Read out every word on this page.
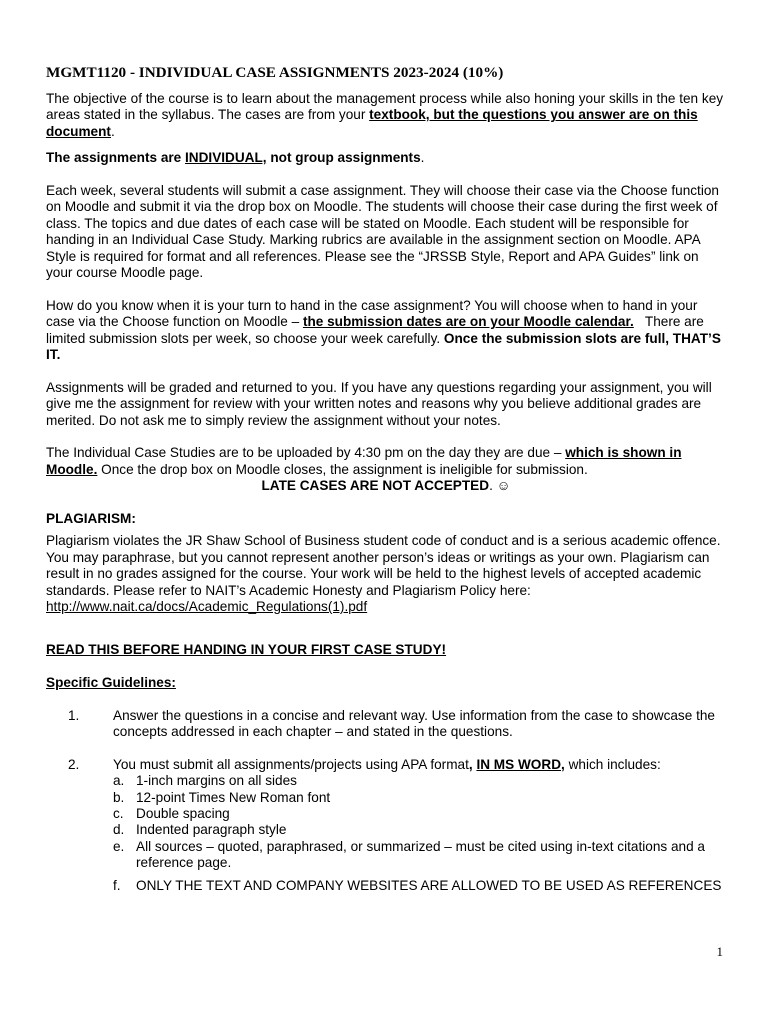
MGMT1120 - INDIVIDUAL CASE ASSIGNMENTS 2023-2024 (10%)

The objective of the course is to learn about the management process while also honing your skills in the ten key areas stated in the syllabus. The cases are from your textbook, but the questions you answer are on this document.

The assignments are INDIVIDUAL, not group assignments.

Each week, several students will submit a case assignment. They will choose their case via the Choose function on Moodle and submit it via the drop box on Moodle. The students will choose their case during the first week of class. The topics and due dates of each case will be stated on Moodle. Each student will be responsible for handing in an Individual Case Study. Marking rubrics are available in the assignment section on Moodle. APA Style is required for format and all references. Please see the “JRSSB Style, Report and APA Guides” link on your course Moodle page.

How do you know when it is your turn to hand in the case assignment? You will choose when to hand in your case via the Choose function on Moodle – the submission dates are on your Moodle calendar.   There are limited submission slots per week, so choose your week carefully. Once the submission slots are full, THAT’S IT.

Assignments will be graded and returned to you. If you have any questions regarding your assignment, you will give me the assignment for review with your written notes and reasons why you believe additional grades are merited. Do not ask me to simply review the assignment without your notes.

The Individual Case Studies are to be uploaded by 4:30 pm on the day they are due – which is shown in Moodle. Once the drop box on Moodle closes, the assignment is ineligible for submission.

LATE CASES ARE NOT ACCEPTED. ☺

PLAGIARISM:

Plagiarism violates the JR Shaw School of Business student code of conduct and is a serious academic offence. You may paraphrase, but you cannot represent another person’s ideas or writings as your own. Plagiarism can result in no grades assigned for the course. Your work will be held to the highest levels of accepted academic standards. Please refer to NAIT’s Academic Honesty and Plagiarism Policy here:

http://www.nait.ca/docs/Academic_Regulations(1).pdf

READ THIS BEFORE HANDING IN YOUR FIRST CASE STUDY!

Specific Guidelines:

1. Answer the questions in a concise and relevant way. Use information from the case to showcase the concepts addressed in each chapter – and stated in the questions.
2. You must submit all assignments/projects using APA format, IN MS WORD, which includes:
a. 1-inch margins on all sides
b. 12-point Times New Roman font
c. Double spacing
d. Indented paragraph style
e. All sources – quoted, paraphrased, or summarized – must be cited using in-text citations and a reference page.
f. ONLY THE TEXT AND COMPANY WEBSITES ARE ALLOWED TO BE USED AS REFERENCES
1
